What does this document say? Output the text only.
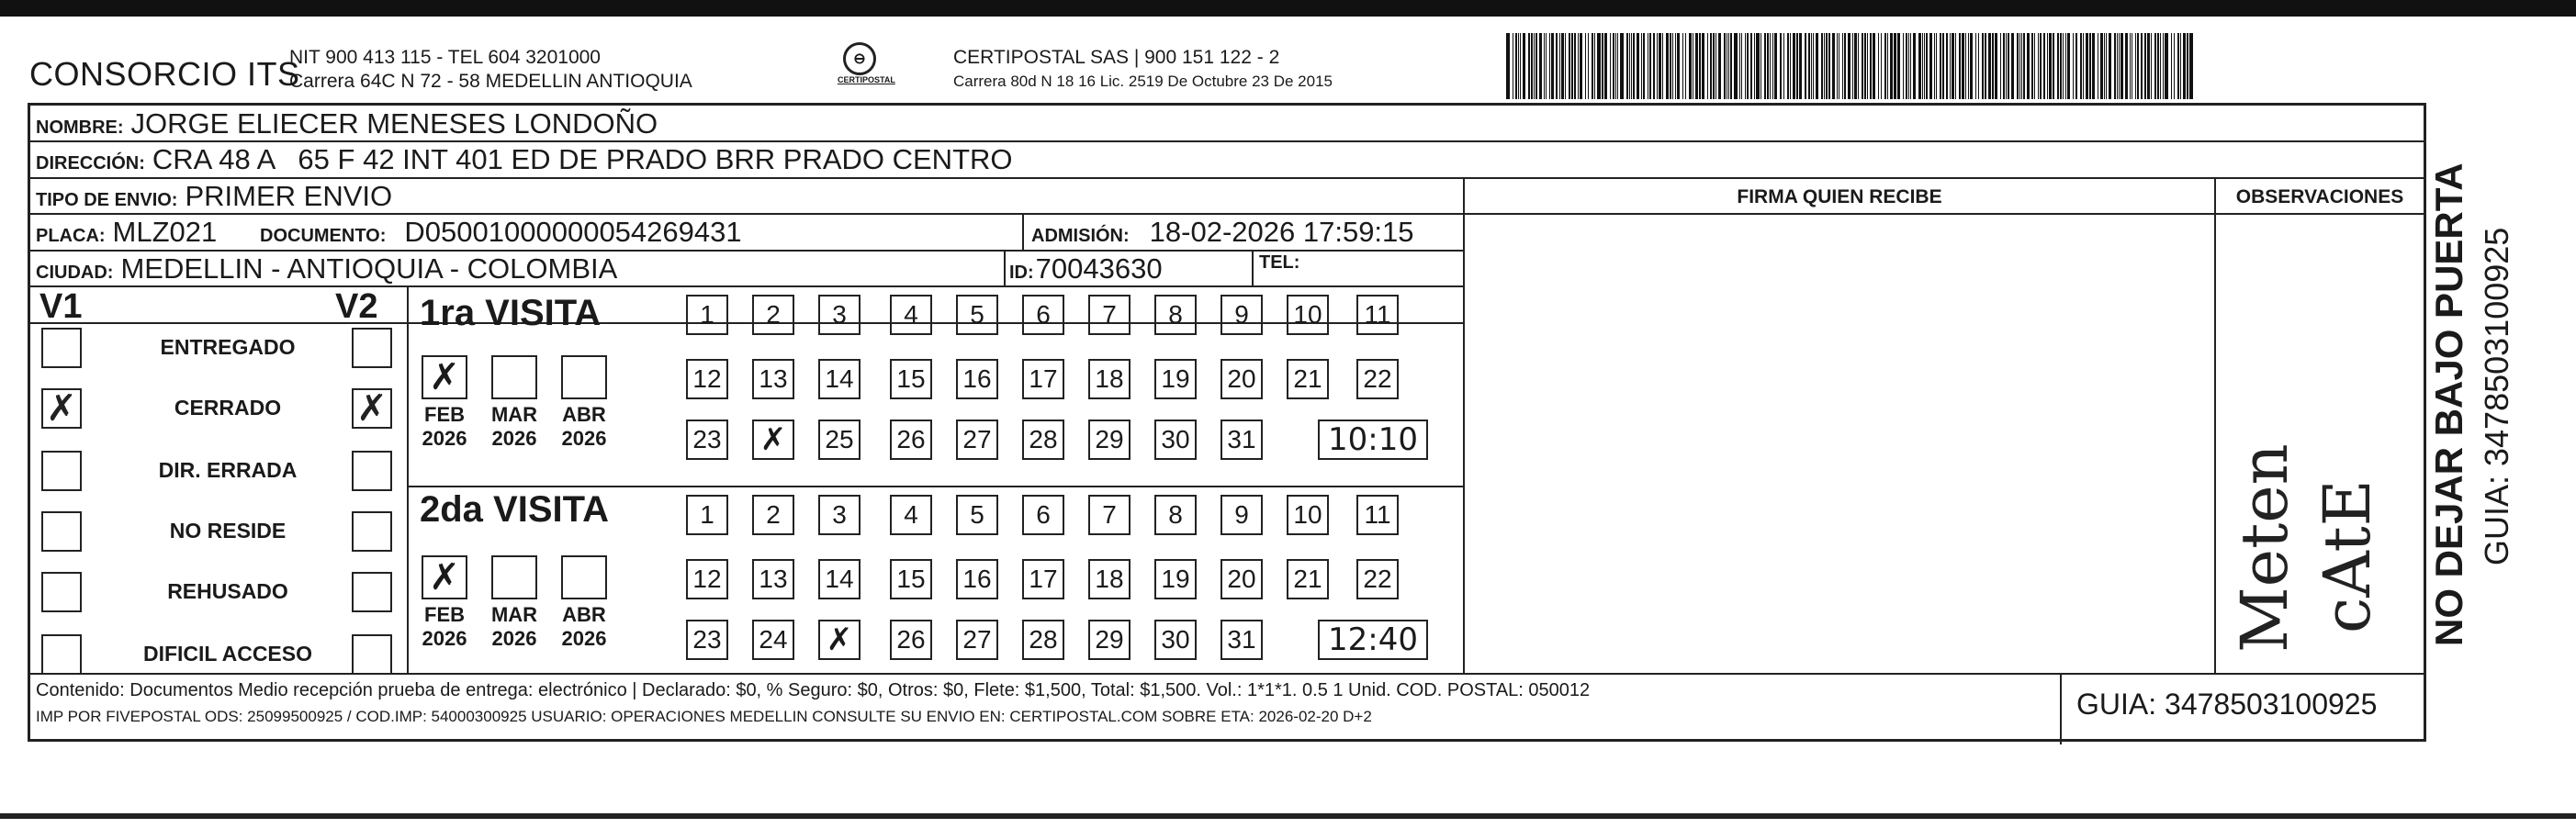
CONSORCIO ITS
NIT 900 413 115 - TEL 604 3201000
Carrera 64C N 72 - 58 MEDELLIN ANTIOQUIA
⊖
CERTIPOSTAL
CERTIPOSTAL SAS | 900 151 122 - 2
Carrera 80d N 18 16 Lic. 2519 De Octubre 23 De 2015
NOMBRE: JORGE ELIECER MENESES LONDOÑO
DIRECCIÓN: CRA 48 A   65 F 42 INT 401 ED DE PRADO BRR PRADO CENTRO
TIPO DE ENVIO: PRIMER ENVIO	FIRMA QUIEN RECIBE	OBSERVACIONES
PLACA: MLZ021 DOCUMENTO: D05001000000054269431	ADMISIÓN: 18-02-2026 17:59:15
CIUDAD: MEDELLIN - ANTIOQUIA - COLOMBIA	ID: 70043630	TEL:
V1	V2
ENTREGADO
✗	CERRADO	✗
DIR. ERRADA
NO RESIDE
REHUSADO
DIFICIL ACCESO
1ra VISITA
2da VISITA
✗
FEB
2026
MAR
2026
ABR
2026
1	2	3	4	5	6	7	8	9	10	11
12 13 14 15 16 17 18 19 20 21 22
23 ✗	25 26 27 28 29 30 31	10:10
✗
FEB
2026
MAR
2026
ABR
2026
1	2	3	4	5	6	7	8	9	10	11
12 13 14 15 16 17 18 19 20 21 22
23 24 ✗	26 27 28 29 30 31	12:40	Meten cAtE
Contenido: Documentos Medio recepción prueba de entrega: electrónico | Declarado: $0, % Seguro: $0, Otros: $0, Flete: $1,500, Total: $1,500. Vol.: 1*1*1. 0.5 1 Unid. COD. POSTAL: 050012
IMP POR FIVEPOSTAL ODS: 25099500925 / COD.IMP: 54000300925 USUARIO: OPERACIONES MEDELLIN CONSULTE SU ENVIO EN: CERTIPOSTAL.COM SOBRE ETA: 2026-02-20 D+2	GUIA: 3478503100925
NO DEJAR BAJO PUERTA GUIA: 3478503100925
